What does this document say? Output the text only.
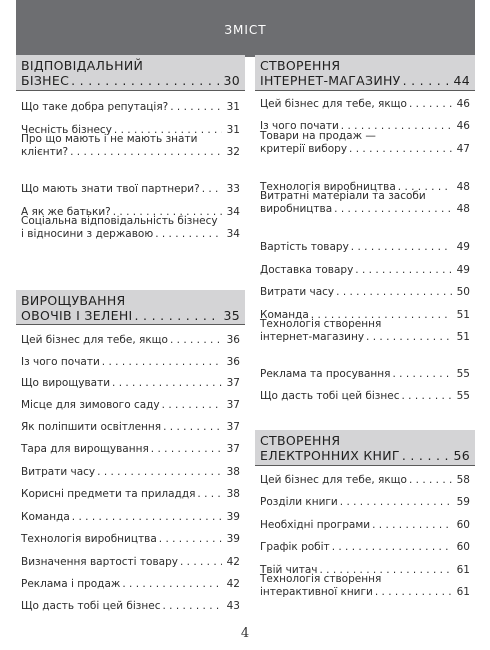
ЗМІСТ
ВІДПОВІДАЛЬНИЙ
БІЗНЕС . . .	30
Що таке добра репутація? . . .	31
Чесність бізнесу . . .	31
Про що мають і не мають знати
клієнти? . . .	32
Що мають знати твої партнери? . . .	33
А як же батьки? . . .	34
Соціальна відповідальність бізнесу
і відносини з державою . . .	34
ВИРОЩУВАННЯ
ОВОЧІВ І ЗЕЛЕНІ . . .	35
Цей бізнес для тебе, якщо . . .	36
Із чого почати . . .	36
Що вирощувати . . .	37
Місце для зимового саду . . .	37
Як поліпшити освітлення . . .	37
Тара для вирощування . . .	37
Витрати часу . . .	38
Корисні предмети та приладдя . . .	38
Команда . . .	39
Технологія виробництва . . .	39
Визначення вартості товару . . .	42
Реклама і продаж . . .	42
Що дасть тобі цей бізнес . . .	43
СТВОРЕННЯ
ІНТЕРНЕТ-МАГАЗИНУ . . .	44
Цей бізнес для тебе, якщо . . .	46
Із чого почати . . .	46
Товари на продаж —
критерії вибору . . .	47
Технологія виробництва . . .	48
Витратні матеріали та засоби
виробництва . . .	48
Вартість товару . . .	49
Доставка товару . . .	49
Витрати часу . . .	50
Команда . . .	51
Технологія створення
інтернет-магазину . . .	51
Реклама та просування . . .	55
Що дасть тобі цей бізнес . . .	55
СТВОРЕННЯ
ЕЛЕКТРОННИХ КНИГ . . .	56
Цей бізнес для тебе, якщо . . .	58
Розділи книги . . .	59
Необхідні програми . . .	60
Графік робіт . . .	60
Твій читач . . .	61
Технологія створення
інтерактивної книги . . .	61
4
